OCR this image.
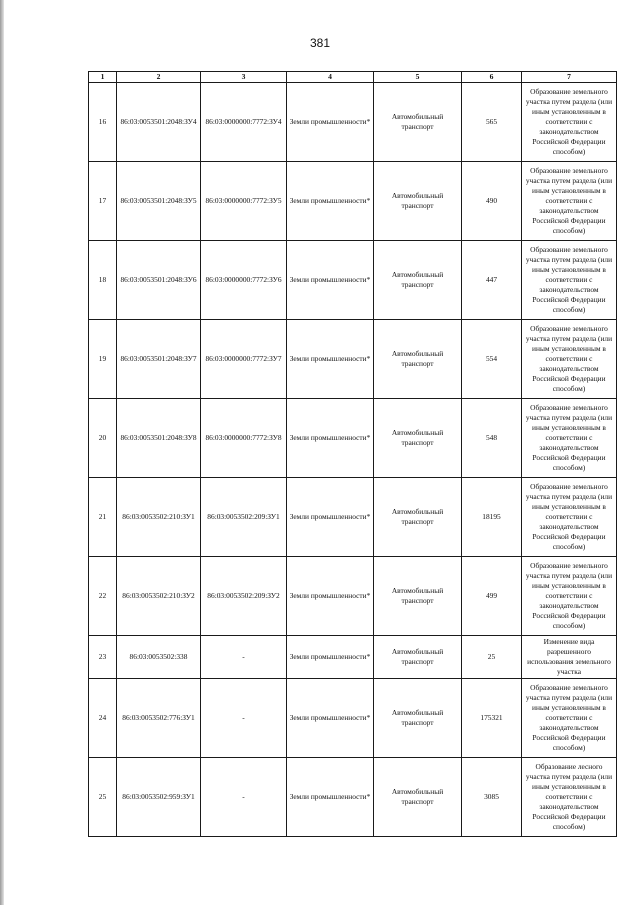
381
1	2	3	4	5	6	7
16	86:03:0053501:2048:ЗУ4	86:03:0000000:7772:ЗУ4	Земли промышленности*	Автомобильный транспорт	565	Образование земельного участка путем раздела (или иным установленным в соответствии с законодательством Российской Федерации способом)
17	86:03:0053501:2048:ЗУ5	86:03:0000000:7772:ЗУ5	Земли промышленности*	Автомобильный транспорт	490	Образование земельного участка путем раздела (или иным установленным в соответствии с законодательством Российской Федерации способом)
18	86:03:0053501:2048:ЗУ6	86:03:0000000:7772:ЗУ6	Земли промышленности*	Автомобильный транспорт	447	Образование земельного участка путем раздела (или иным установленным в соответствии с законодательством Российской Федерации способом)
19	86:03:0053501:2048:ЗУ7	86:03:0000000:7772:ЗУ7	Земли промышленности*	Автомобильный транспорт	554	Образование земельного участка путем раздела (или иным установленным в соответствии с законодательством Российской Федерации способом)
20	86:03:0053501:2048:ЗУ8	86:03:0000000:7772:ЗУ8	Земли промышленности*	Автомобильный транспорт	548	Образование земельного участка путем раздела (или иным установленным в соответствии с законодательством Российской Федерации способом)
21	86:03:0053502:210:ЗУ1	86:03:0053502:209:ЗУ1	Земли промышленности*	Автомобильный транспорт	18195	Образование земельного участка путем раздела (или иным установленным в соответствии с законодательством Российской Федерации способом)
22	86:03:0053502:210:ЗУ2	86:03:0053502:209:ЗУ2	Земли промышленности*	Автомобильный транспорт	499	Образование земельного участка путем раздела (или иным установленным в соответствии с законодательством Российской Федерации способом)
23	86:03:0053502:338	-	Земли промышленности*	Автомобильный транспорт	25	Изменение вида разрешенного использования земельного участка
24	86:03:0053502:776:ЗУ1	-	Земли промышленности*	Автомобильный транспорт	175321	Образование земельного участка путем раздела (или иным установленным в соответствии с законодательством Российской Федерации способом)
25	86:03:0053502:959:ЗУ1	-	Земли промышленности*	Автомобильный транспорт	3085	Образование лесного участка путем раздела (или иным установленным в соответствии с законодательством Российской Федерации способом)
